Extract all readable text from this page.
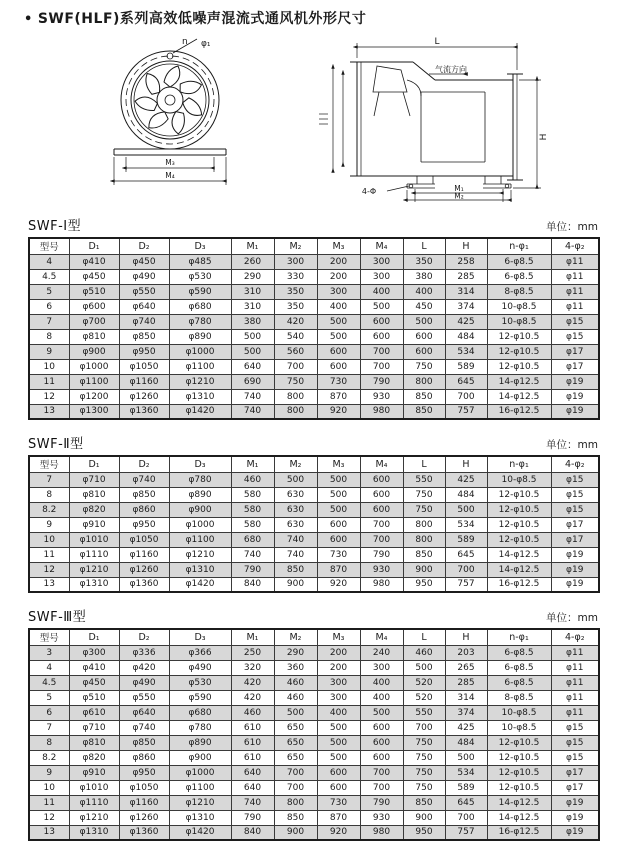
• SWF(HLF)系列高效低噪声混流式通风机外形尺寸
n φ₁
M₃
M₄
L
气流方向
4-Φ
H
M₁
M₂
SWF-Ⅰ型	单位：mm
型号	D₁	D₂	D₃	M₁	M₂	M₃	M₄	L	H	n-φ₁	4-φ₂
4	φ410	φ450	φ485	260	300	200	300	350	258	6-φ8.5	φ11
4.5	φ450	φ490	φ530	290	330	200	300	380	285	6-φ8.5	φ11
5	φ510	φ550	φ590	310	350	300	400	400	314	8-φ8.5	φ11
6	φ600	φ640	φ680	310	350	400	500	450	374	10-φ8.5	φ11
7	φ700	φ740	φ780	380	420	500	600	500	425	10-φ8.5	φ15
8	φ810	φ850	φ890	500	540	500	600	600	484	12-φ10.5	φ15
9	φ900	φ950	φ1000	500	560	600	700	600	534	12-φ10.5	φ17
10	φ1000	φ1050	φ1100	640	700	600	700	750	589	12-φ10.5	φ17
11	φ1100	φ1160	φ1210	690	750	730	790	800	645	14-φ12.5	φ19
12	φ1200	φ1260	φ1310	740	800	870	930	850	700	14-φ12.5	φ19
13	φ1300	φ1360	φ1420	740	800	920	980	850	757	16-φ12.5	φ19
SWF-Ⅱ型	单位：mm
型号	D₁	D₂	D₃	M₁	M₂	M₃	M₄	L	H	n-φ₁	4-φ₂
7	φ710	φ740	φ780	460	500	500	600	550	425	10-φ8.5	φ15
8	φ810	φ850	φ890	580	630	500	600	750	484	12-φ10.5	φ15
8.2	φ820	φ860	φ900	580	630	500	600	750	500	12-φ10.5	φ15
9	φ910	φ950	φ1000	580	630	600	700	800	534	12-φ10.5	φ17
10	φ1010	φ1050	φ1100	680	740	600	700	800	589	12-φ10.5	φ17
11	φ1110	φ1160	φ1210	740	740	730	790	850	645	14-φ12.5	φ19
12	φ1210	φ1260	φ1310	790	850	870	930	900	700	14-φ12.5	φ19
13	φ1310	φ1360	φ1420	840	900	920	980	950	757	16-φ12.5	φ19
SWF-Ⅲ型	单位：mm
型号	D₁	D₂	D₃	M₁	M₂	M₃	M₄	L	H	n-φ₁	4-φ₂
3	φ300	φ336	φ366	250	290	200	240	460	203	6-φ8.5	φ11
4	φ410	φ420	φ490	320	360	200	300	500	265	6-φ8.5	φ11
4.5	φ450	φ490	φ530	420	460	300	400	520	285	6-φ8.5	φ11
5	φ510	φ550	φ590	420	460	300	400	520	314	8-φ8.5	φ11
6	φ610	φ640	φ680	460	500	400	500	550	374	10-φ8.5	φ11
7	φ710	φ740	φ780	610	650	500	600	700	425	10-φ8.5	φ15
8	φ810	φ850	φ890	610	650	500	600	750	484	12-φ10.5	φ15
8.2	φ820	φ860	φ900	610	650	500	600	750	500	12-φ10.5	φ15
9	φ910	φ950	φ1000	640	700	600	700	750	534	12-φ10.5	φ17
10	φ1010	φ1050	φ1100	640	700	600	700	750	589	12-φ10.5	φ17
11	φ1110	φ1160	φ1210	740	800	730	790	850	645	14-φ12.5	φ19
12	φ1210	φ1260	φ1310	790	850	870	930	900	700	14-φ12.5	φ19
13	φ1310	φ1360	φ1420	840	900	920	980	950	757	16-φ12.5	φ19
